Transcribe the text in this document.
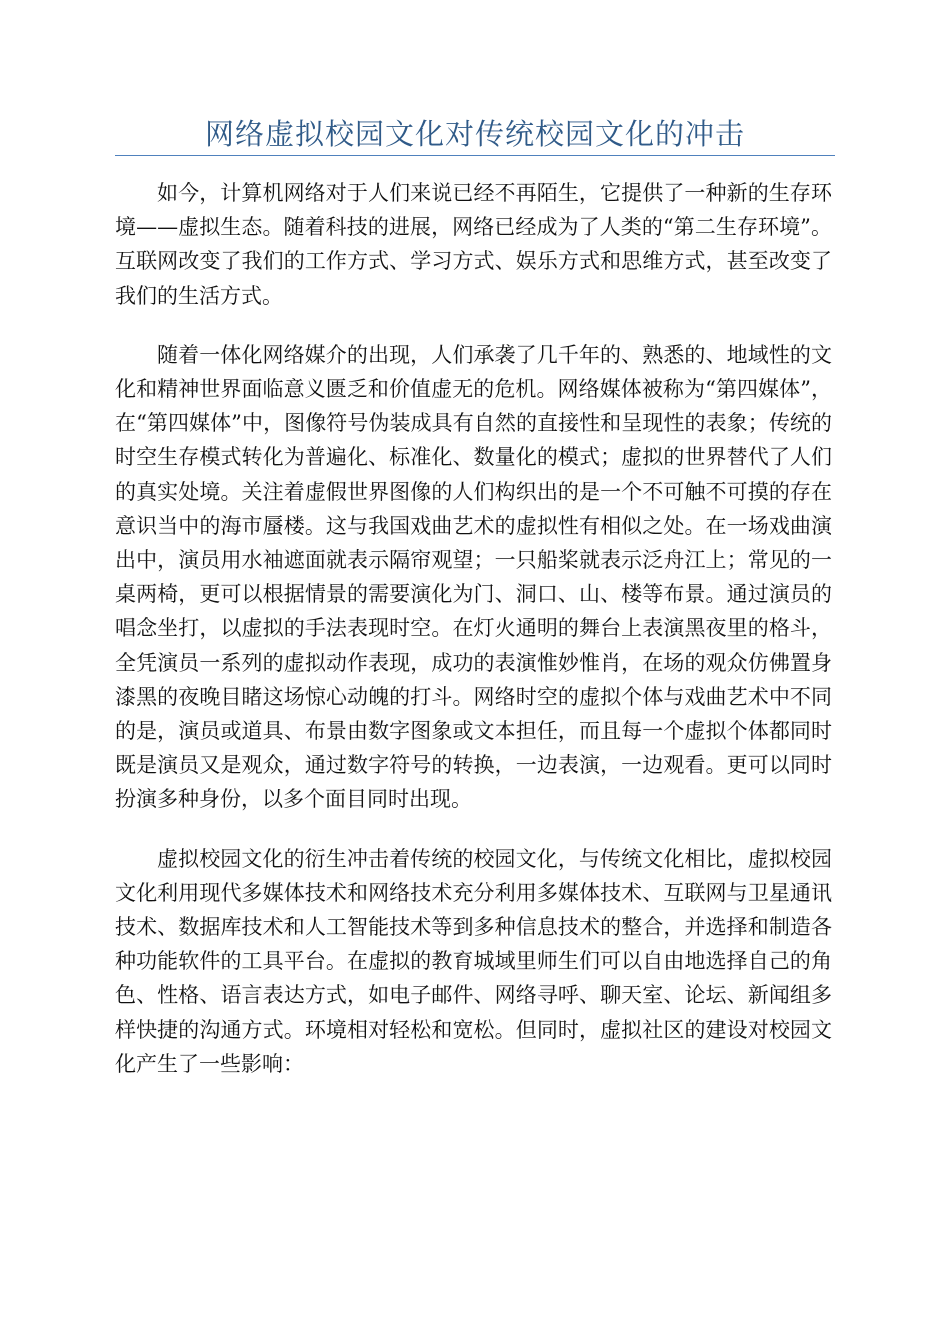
网络虚拟校园文化对传统校园文化的冲击

如今，计算机网络对于人们来说已经不再陌生，它提供了一种新的生存环境——虚拟生态。随着科技的进展，网络已经成为了人类的“第二生存环境”。互联网改变了我们的工作方式、学习方式、娱乐方式和思维方式，甚至改变了我们的生活方式。

随着一体化网络媒介的出现，人们承袭了几千年的、熟悉的、地域性的文化和精神世界面临意义匮乏和价值虚无的危机。网络媒体被称为“第四媒体”，在“第四媒体”中，图像符号伪装成具有自然的直接性和呈现性的表象；传统的时空生存模式转化为普遍化、标准化、数量化的模式；虚拟的世界替代了人们的真实处境。关注着虚假世界图像的人们构织出的是一个不可触不可摸的存在意识当中的海市蜃楼。这与我国戏曲艺术的虚拟性有相似之处。在一场戏曲演出中，演员用水袖遮面就表示隔帘观望；一只船桨就表示泛舟江上；常见的一桌两椅，更可以根据情景的需要演化为门、洞口、山、楼等布景。通过演员的唱念坐打，以虚拟的手法表现时空。在灯火通明的舞台上表演黑夜里的格斗，全凭演员一系列的虚拟动作表现，成功的表演惟妙惟肖，在场的观众仿佛置身漆黑的夜晚目睹这场惊心动魄的打斗。网络时空的虚拟个体与戏曲艺术中不同的是，演员或道具、布景由数字图象或文本担任，而且每一个虚拟个体都同时既是演员又是观众，通过数字符号的转换，一边表演，一边观看。更可以同时扮演多种身份，以多个面目同时出现。

虚拟校园文化的衍生冲击着传统的校园文化，与传统文化相比，虚拟校园文化利用现代多媒体技术和网络技术充分利用多媒体技术、互联网与卫星通讯技术、数据库技术和人工智能技术等到多种信息技术的整合，并选择和制造各种功能软件的工具平台。在虚拟的教育城域里师生们可以自由地选择自己的角色、性格、语言表达方式，如电子邮件、网络寻呼、聊天室、论坛、新闻组多样快捷的沟通方式。环境相对轻松和宽松。但同时，虚拟社区的建设对校园文化产生了一些影响：
